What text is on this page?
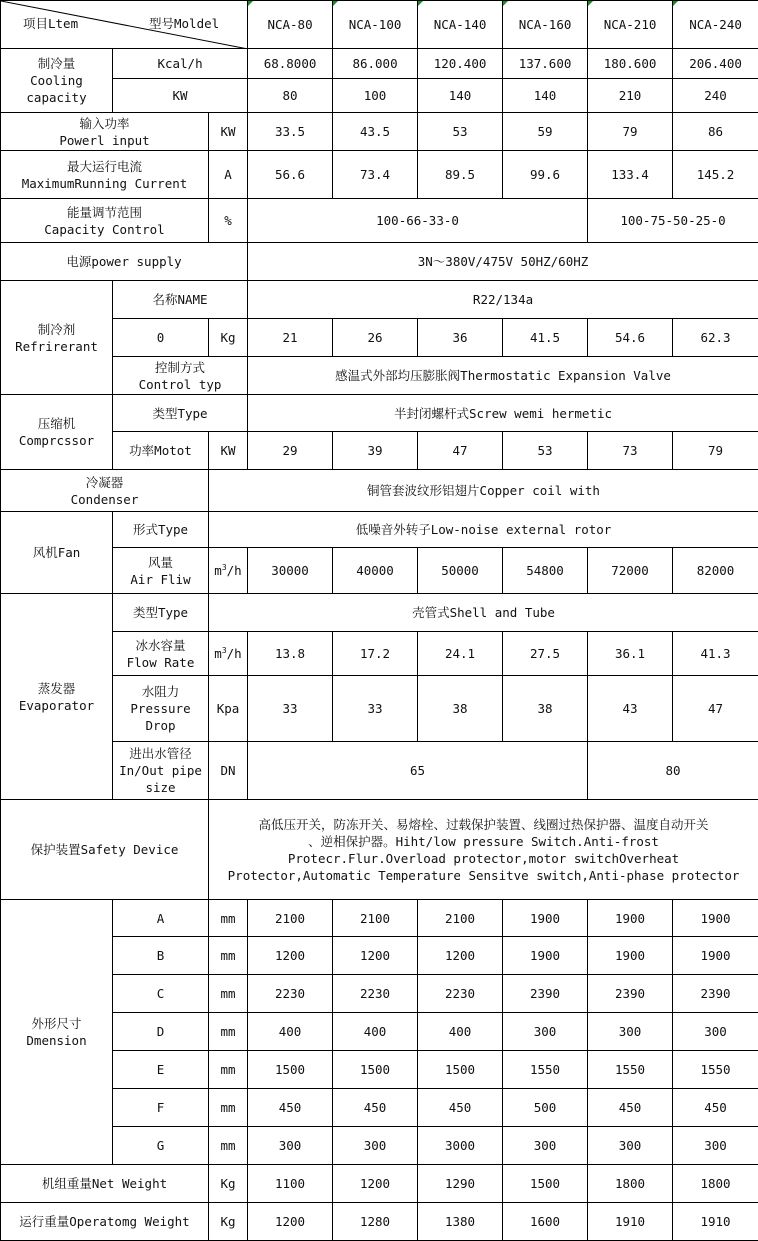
项目Ltem 型号Moldel			NCA-80	NCA-100	NCA-140	NCA-160	NCA-210	NCA-240

制冷量
Cooling
capacity	Kcal/h		68.8000	86.000	120.400	137.600	180.600	206.400
	KW		80	100	140	140	210	240

输入功率
Powerl input		KW	33.5	43.5	53	59	79	86

最大运行电流
MaximumRunning Current		A	56.6	73.4	89.5	99.6	133.4	145.2

能量调节范围
Capacity Control		%	100-66-33-0				100-75-50-25-0	
电源power supply			3N～380V/475V 50HZ/60HZ					

制冷剂
Refrirerant	名称NAME		R22/134a					
	0	Kg	21	26	36	41.5	54.6	62.3

	控制方式
Control typ		感温式外部均压膨胀阀Thermostatic Expansion Valve					

压缩机
Comprcssor	类型Type		半封闭螺杆式Screw wemi hermetic					
	功率Motot	KW	29	39	47	53	73	79

冷凝器
Condenser		铜管套波纹形铝翅片Copper coil with						
风机Fan	形式Type	低噪音外转子Low-noise external rotor						

	风量
Air Fliw	$m^3/h$	30000	40000	50000	54800	72000	82000

蒸发器
Evaporator	类型Type	壳管式Shell and Tube						

	冰水容量
Flow Rate	$m^3/h$	13.8	17.2	24.1	27.5	36.1	41.3

	水阻力
Pressure
Drop	Kpa	33	33	38	38	43	47

	进出水管径
In/Out pipe
size	DN	65				80	
保护装置Safety Device		高低压开关，防冻开关、易熔栓、过载保护装置、线圈过热保护器、温度自动开关
、逆相保护器。Hiht/low pressure Switch.Anti-frost
Protecr.Flur.Overload protector,motor switchOverheat
Protector,Automatic Temperature Sensitve switch,Anti-phase protector						

外形尺寸
Dmension	A	mm	2100	2100	2100	1900	1900	1900
	B	mm	1200	1200	1200	1900	1900	1900
	C	mm	2230	2230	2230	2390	2390	2390
	D	mm	400	400	400	300	300	300
	E	mm	1500	1500	1500	1550	1550	1550
	F	mm	450	450	450	500	450	450
	G	mm	300	300	3000	300	300	300
机组重量Net Weight		Kg	1100	1200	1290	1500	1800	1800
运行重量Operatomg Weight		Kg	1200	1280	1380	1600	1910	1910
